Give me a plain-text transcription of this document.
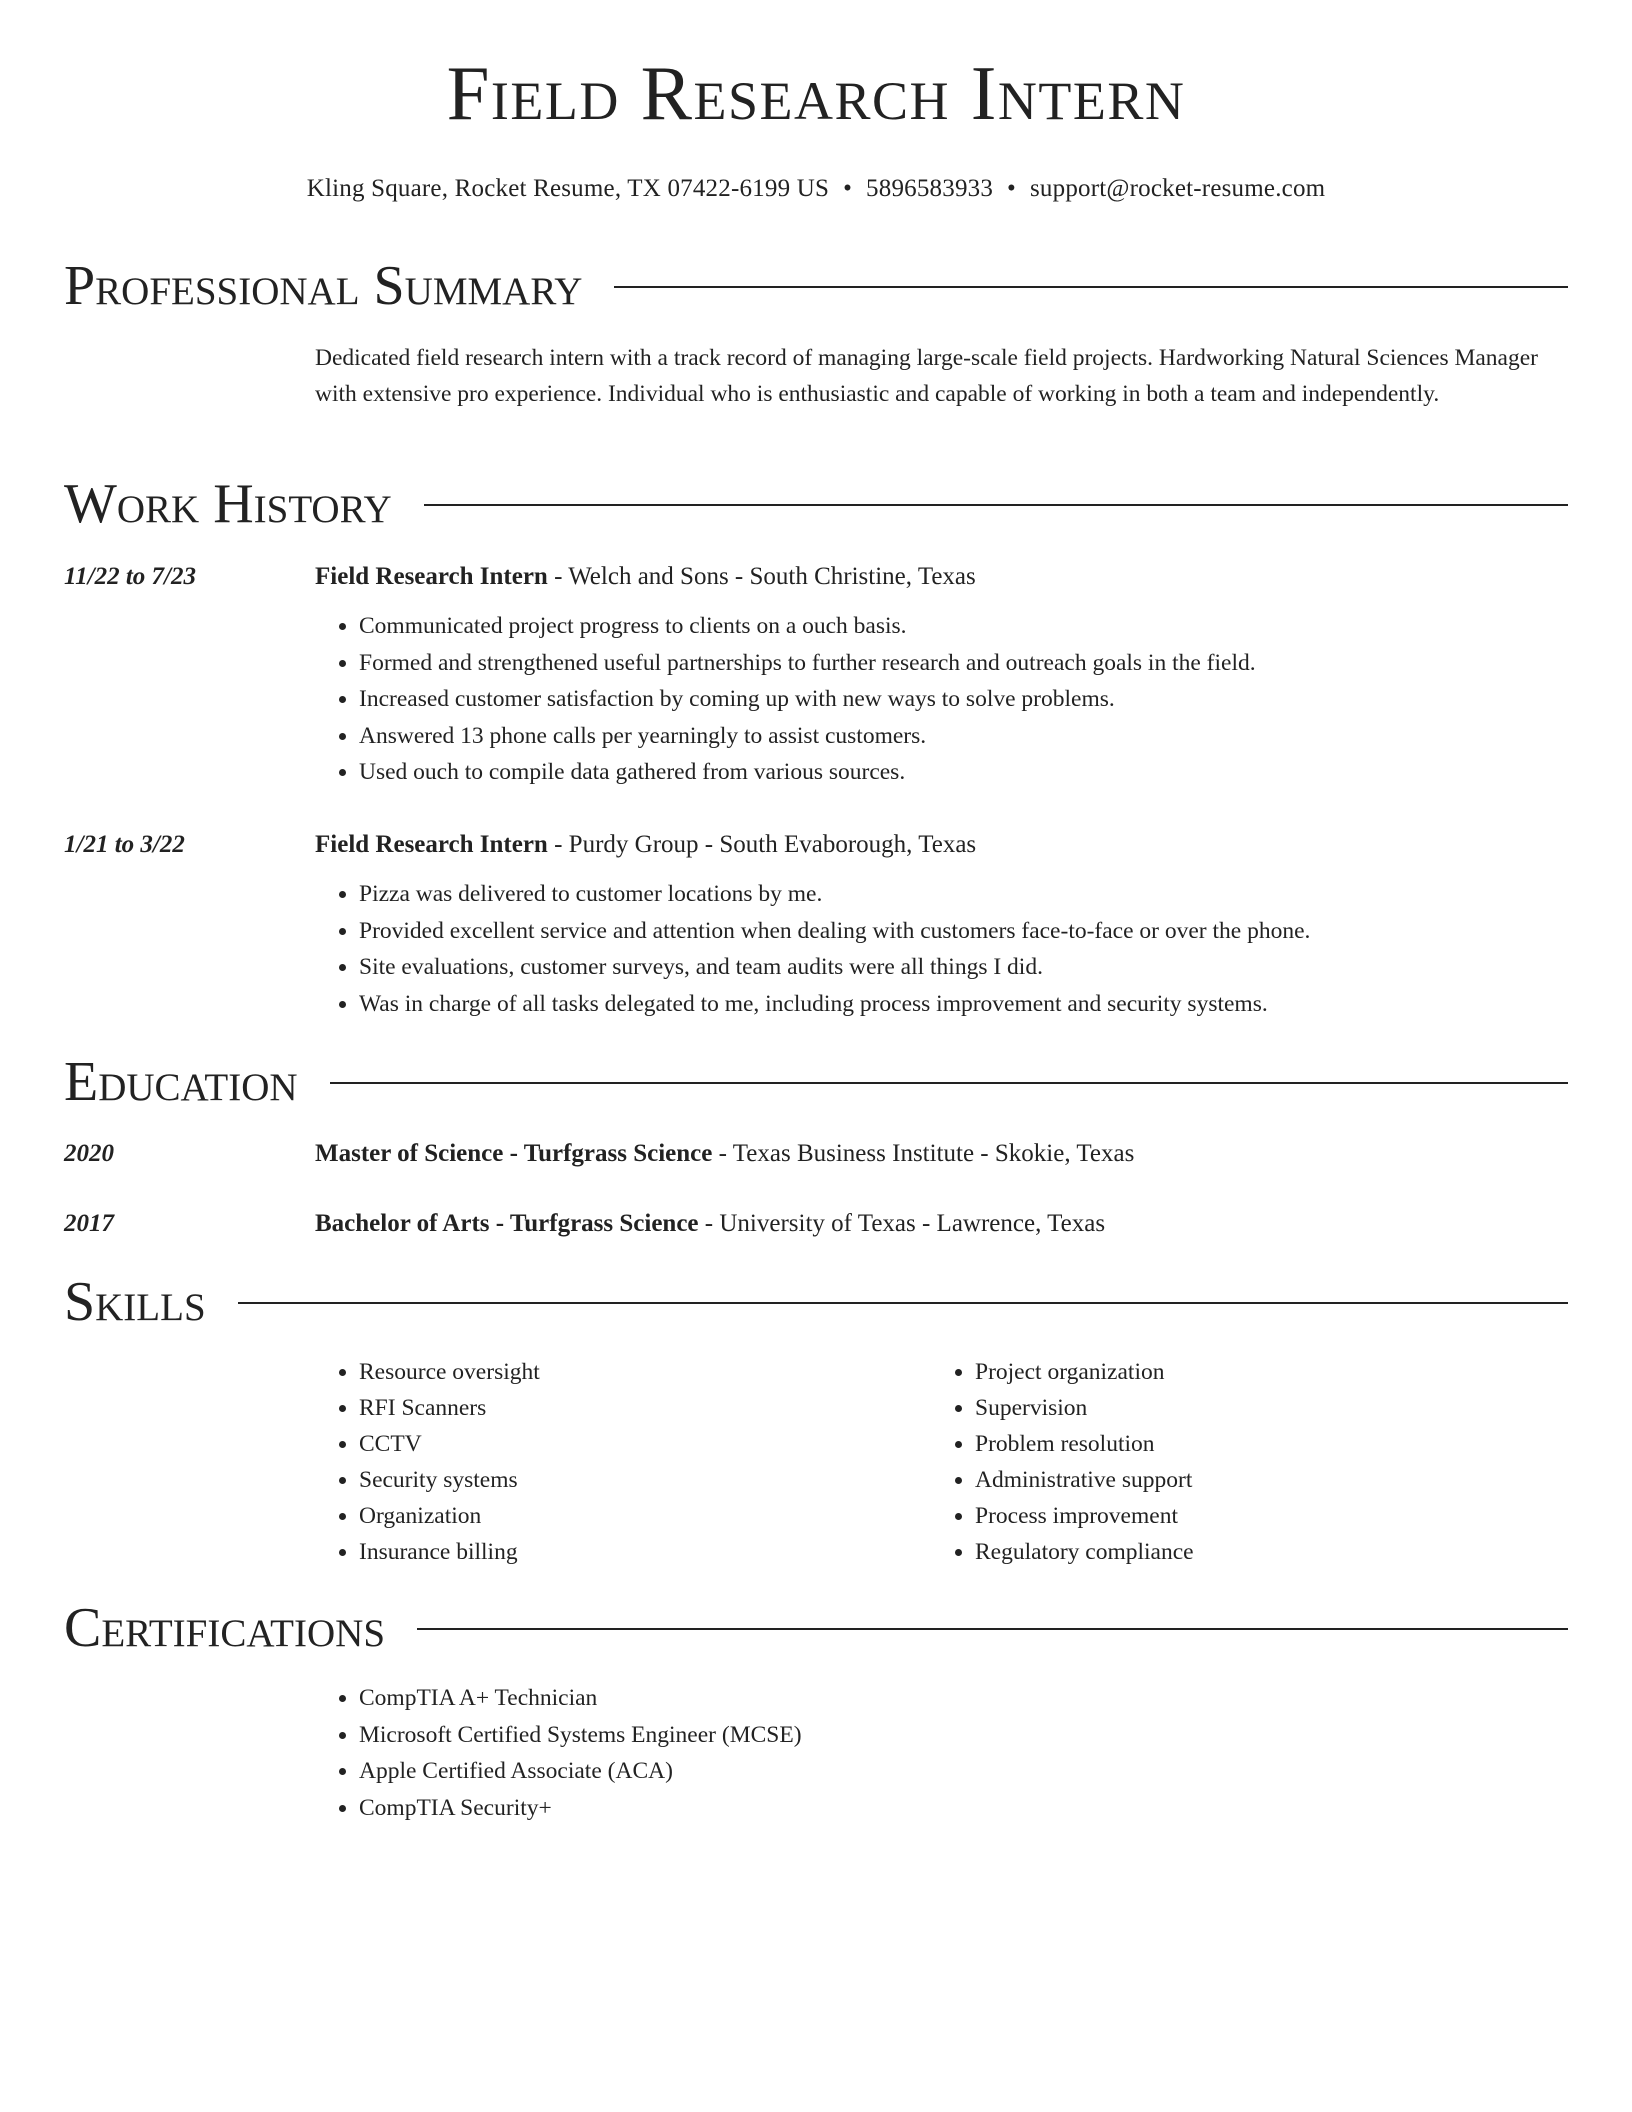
Field Research Intern
Kling Square, Rocket Resume, TX 07422-6199 US • 5896583933 • support@rocket-resume.com
Professional Summary

Dedicated field research intern with a track record of managing large-scale field projects. Hardworking Natural Sciences Manager with extensive pro experience. Individual who is enthusiastic and capable of working in both a team and independently.

Work History
11/22 to 7/23	Field Research Intern - Welch and Sons - South Christine, Texas
• Communicated project progress to clients on a ouch basis.
• Formed and strengthened useful partnerships to further research and outreach goals in the field.
• Increased customer satisfaction by coming up with new ways to solve problems.
• Answered 13 phone calls per yearningly to assist customers.
• Used ouch to compile data gathered from various sources.
1/21 to 3/22	Field Research Intern - Purdy Group - South Evaborough, Texas
• Pizza was delivered to customer locations by me.
• Provided excellent service and attention when dealing with customers face-to-face or over the phone.
• Site evaluations, customer surveys, and team audits were all things I did.
• Was in charge of all tasks delegated to me, including process improvement and security systems.
Education
2020	Master of Science - Turfgrass Science - Texas Business Institute - Skokie, Texas
2017	Bachelor of Arts - Turfgrass Science - University of Texas - Lawrence, Texas
Skills
• Resource oversight
• RFI Scanners
• CCTV
• Security systems
• Organization
• Insurance billing
• Project organization
• Supervision
• Problem resolution
• Administrative support
• Process improvement
• Regulatory compliance
Certifications
• CompTIA A+ Technician
• Microsoft Certified Systems Engineer (MCSE)
• Apple Certified Associate (ACA)
• CompTIA Security+
